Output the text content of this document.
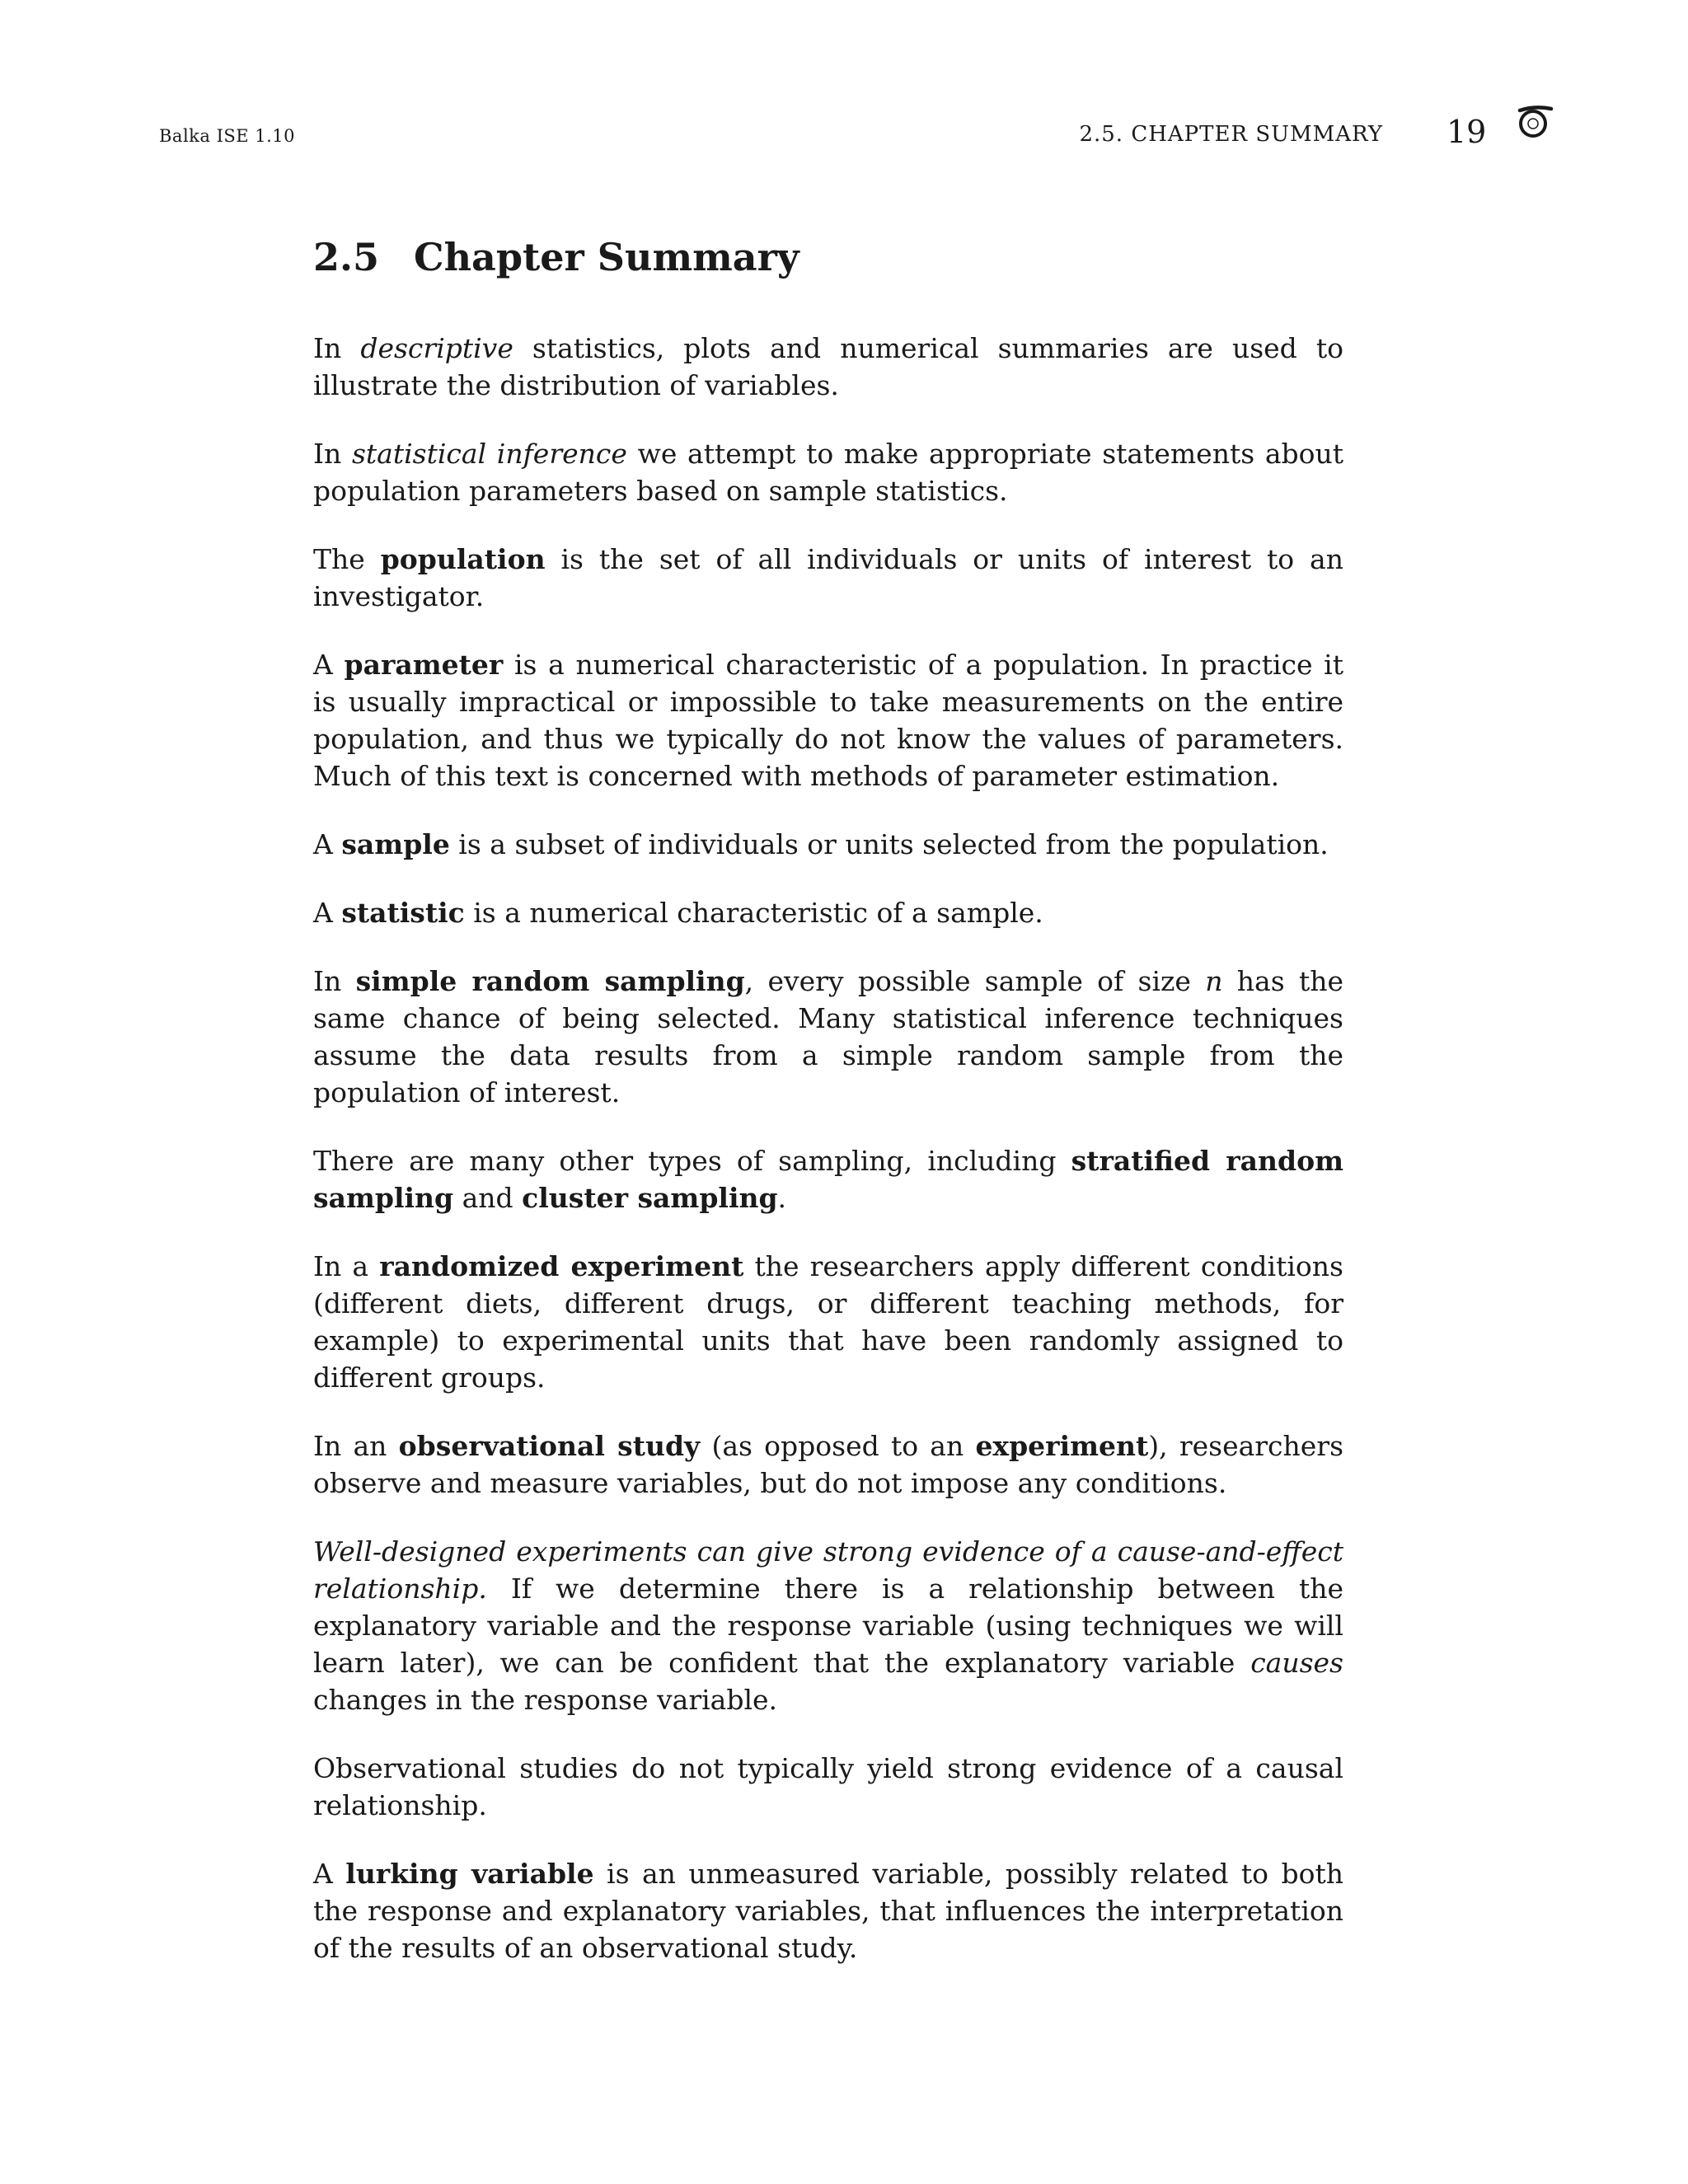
Balka ISE 1.10	2.5. CHAPTER SUMMARY 19
2.5 Chapter Summary

In descriptive statistics, plots and numerical summaries are used to illustrate the distribution of variables.

In statistical inference we attempt to make appropriate statements about population parameters based on sample statistics.

The population is the set of all individuals or units of interest to an investigator.

A parameter is a numerical characteristic of a population. In practice it is usually impractical or impossible to take measurements on the entire population, and thus we typically do not know the values of parameters. Much of this text is concerned with methods of parameter estimation.

A sample is a subset of individuals or units selected from the population.

A statistic is a numerical characteristic of a sample.

In simple random sampling, every possible sample of size n has the same chance of being selected. Many statistical inference techniques assume the data results from a simple random sample from the population of interest.

There are many other types of sampling, including stratified random sampling and cluster sampling.

In a randomized experiment the researchers apply different conditions (different diets, different drugs, or different teaching methods, for example) to experimental units that have been randomly assigned to different groups.

In an observational study (as opposed to an experiment), researchers observe and measure variables, but do not impose any conditions.

Well-designed experiments can give strong evidence of a cause-and-effect relationship. If we determine there is a relationship between the explanatory variable and the response variable (using techniques we will learn later), we can be confident that the explanatory variable causes changes in the response variable.

Observational studies do not typically yield strong evidence of a causal relationship.

A lurking variable is an unmeasured variable, possibly related to both the response and explanatory variables, that influences the interpretation of the results of an observational study.
